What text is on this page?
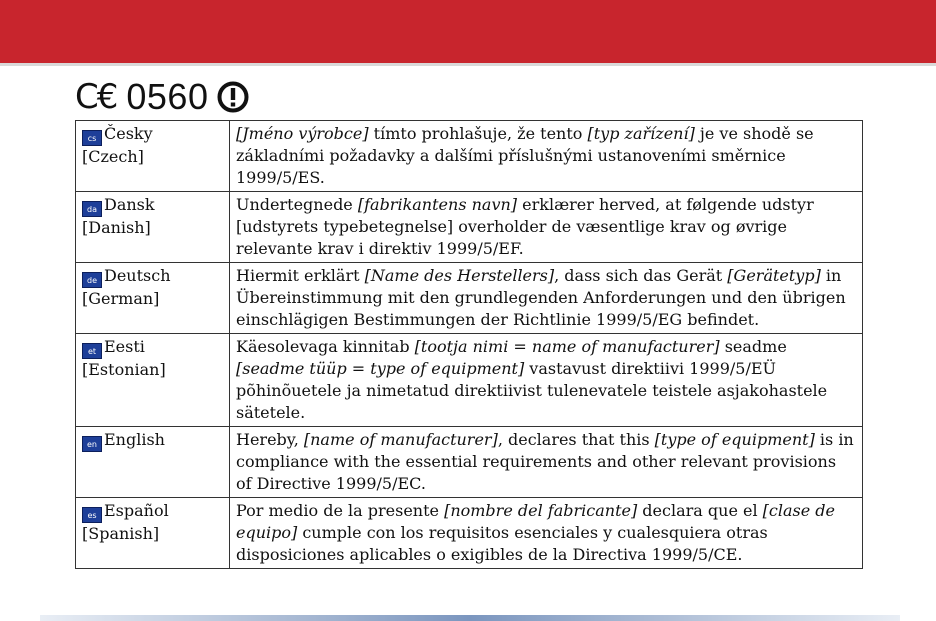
C€ 0560
cs Česky
[Czech]	[Jméno výrobce] tímto prohlašuje, že tento [typ zařízení] je ve shodě se základními požadavky a dalšími příslušnými ustanoveními směrnice 1999/5/ES.
da Dansk
[Danish]	Undertegnede [fabrikantens navn] erklærer herved, at følgende udstyr [udstyrets typebetegnelse] overholder de væsentlige krav og øvrige relevante krav i direktiv 1999/5/EF.
de Deutsch
[German]	Hiermit erklärt [Name des Herstellers], dass sich das Gerät [Gerätetyp] in Übereinstimmung mit den grundlegenden Anforderungen und den übrigen einschlägigen Bestimmungen der Richtlinie 1999/5/EG befindet.
et Eesti
[Estonian]	Käesolevaga kinnitab [tootja nimi = name of manufacturer] seadme [seadme tüüp = type of equipment] vastavust direktiivi 1999/5/EÜ põhinõuetele ja nimetatud direktiivist tulenevatele teistele asjakohastele sätetele.
en English	Hereby, [name of manufacturer], declares that this [type of equipment] is in compliance with the essential requirements and other relevant provisions of Directive 1999/5/EC.
es Español
[Spanish]	Por medio de la presente [nombre del fabricante] declara que el [clase de equipo] cumple con los requisitos esenciales y cualesquiera otras disposiciones aplicables o exigibles de la Directiva 1999/5/CE.
